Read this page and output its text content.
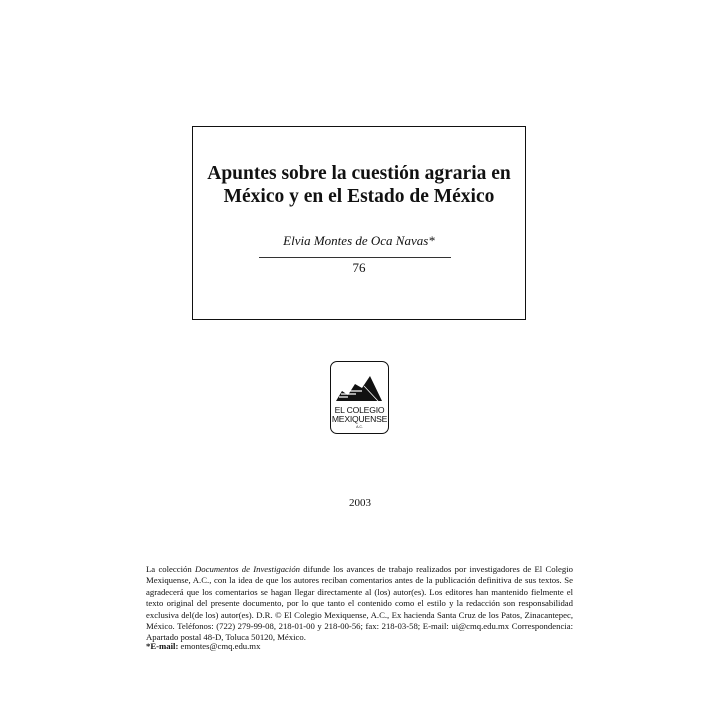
Apuntes sobre la cuestión agraria en
México y en el Estado de México
Elvia Montes de Oca Navas*
76
EL COLEGIO
MEXIQUENSE
A.C.
2003

La colección Documentos de Investigación difunde los avances de trabajo realizados por investigadores de El Colegio Mexiquense, A.C., con la idea de que los autores reciban comentarios antes de la publicación definitiva de sus textos. Se agradecerá que los comentarios se hagan llegar directamente al (los) autor(es). Los editores han mantenido fielmente el texto original del presente documento, por lo que tanto el contenido como el estilo y la redacción son responsabilidad exclusiva del(de los) autor(es). D.R. © El Colegio Mexiquense, A.C., Ex hacienda Santa Cruz de los Patos, Zinacantepec, México. Teléfonos: (722) 279-99-08, 218-01-00 y 218-00-56; fax: 218-03-58; E-mail: ui@cmq.edu.mx Correspondencia: Apartado postal 48-D, Toluca 50120, México.

*E-mail: emontes@cmq.edu.mx
